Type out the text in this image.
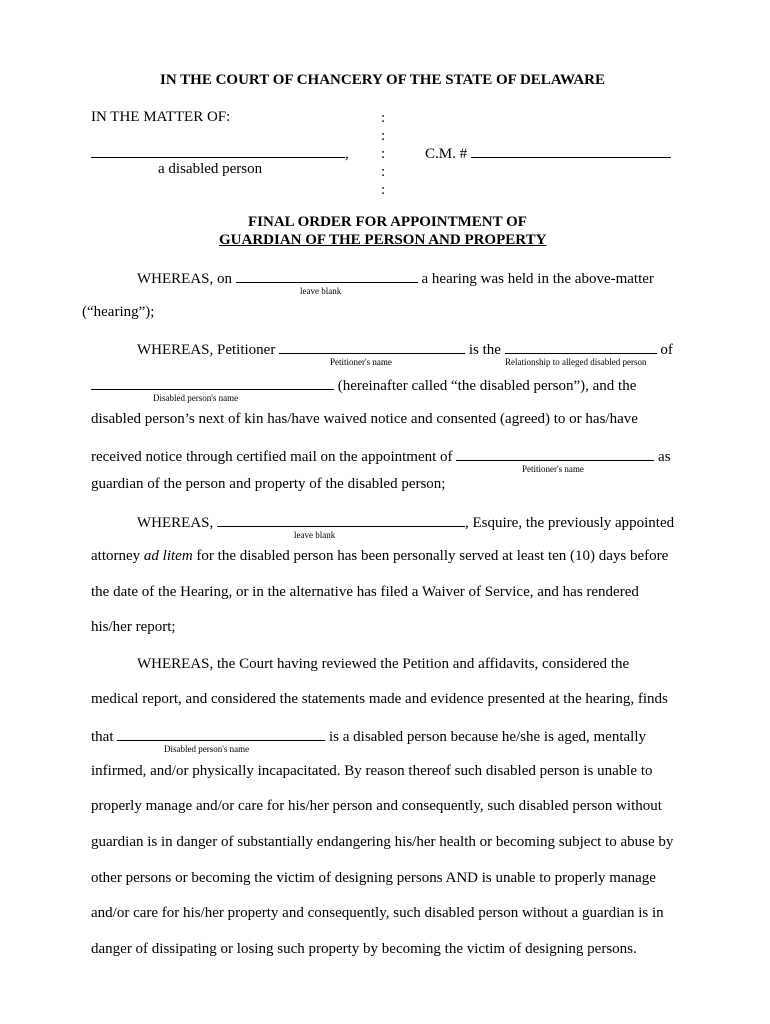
IN THE COURT OF CHANCERY OF THE STATE OF DELAWARE
IN THE MATTER OF:	:
:
:
:
:
,	C.M. #
a disabled person
FINAL ORDER FOR APPOINTMENT OF
GUARDIAN OF THE PERSON AND PROPERTY
WHEREAS, on	a hearing was held in the above-matter
leave blank
(“hearing”);
WHEREAS, Petitioner	is the	of
Petitioner's name	Relationship to alleged disabled person
(hereinafter called “the disabled person”), and the
Disabled person's name
disabled person’s next of kin has/have waived notice and consented (agreed) to or has/have
received notice through certified mail on the appointment of	as
Petitioner's name
guardian of the person and property of the disabled person;
WHEREAS,	, Esquire, the previously appointed
leave blank
attorney ad litem for the disabled person has been personally served at least ten (10) days before
the date of the Hearing, or in the alternative has filed a Waiver of Service, and has rendered
his/her report;
WHEREAS, the Court having reviewed the Petition and affidavits, considered the
medical report, and considered the statements made and evidence presented at the hearing, finds
that	is a disabled person because he/she is aged, mentally
Disabled person's name
infirmed, and/or physically incapacitated. By reason thereof such disabled person is unable to
properly manage and/or care for his/her person and consequently, such disabled person without
guardian is in danger of substantially endangering his/her health or becoming subject to abuse by
other persons or becoming the victim of designing persons AND is unable to properly manage
and/or care for his/her property and consequently, such disabled person without a guardian is in
danger of dissipating or losing such property by becoming the victim of designing persons.
